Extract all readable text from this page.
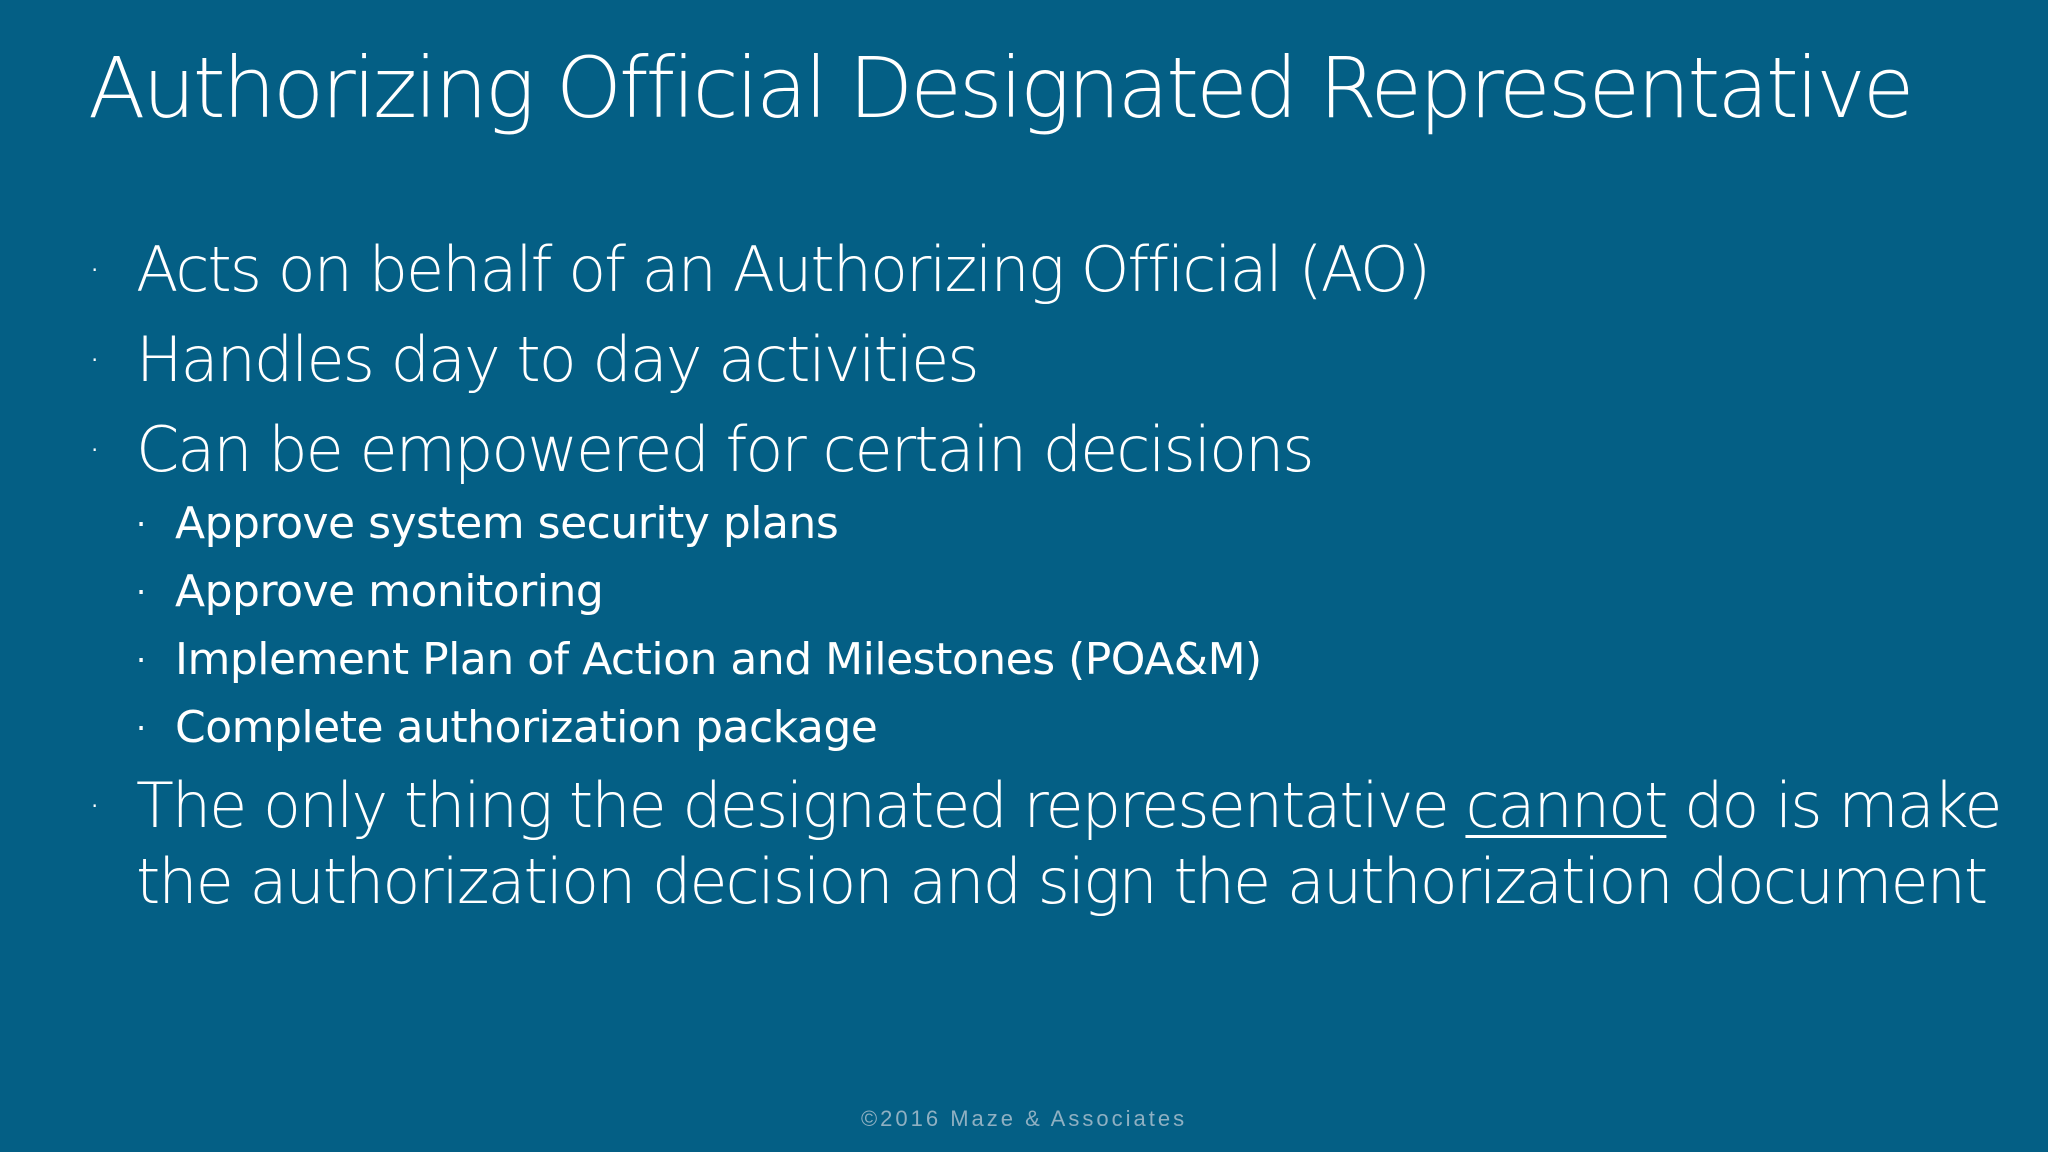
Authorizing Official Designated Representative
· Acts on behalf of an Authorizing Official (AO)
· Handles day to day activities
· Can be empowered for certain decisions
· Approve system security plans
· Approve monitoring
· Implement Plan of Action and Milestones (POA&M)
· Complete authorization package
· The only thing the designated representative cannot do is make the authorization decision and sign the authorization document
©2016 Maze & Associates
